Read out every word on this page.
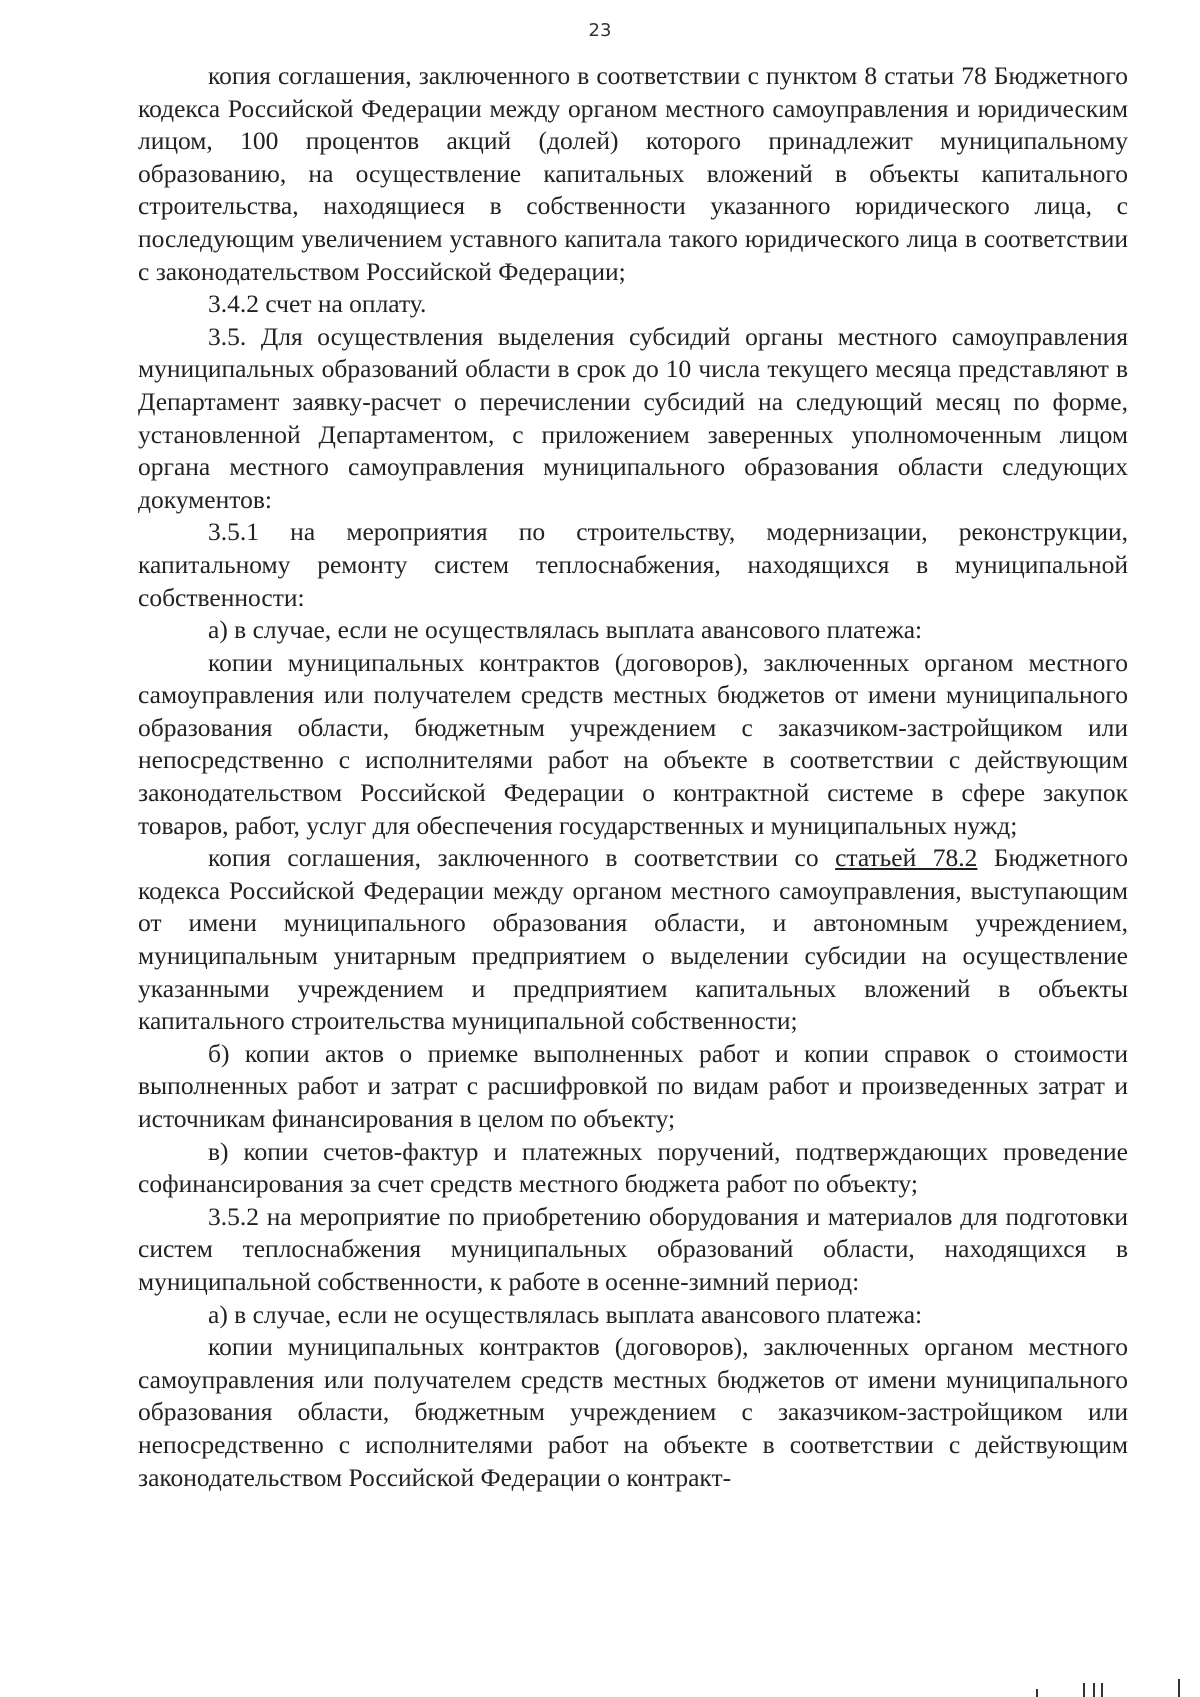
23

копия соглашения, заключенного в соответствии с пунктом 8 статьи 78 Бюджетного кодекса Российской Федерации между органом местного самоуправления и юридическим лицом, 100 процентов акций (долей) которого принадлежит муниципальному образованию, на осуществление капитальных вложений в объекты капитального строительства, находящиеся в собственности указанного юридического лица, с последующим увеличением уставного капитала такого юридического лица в соответствии с законодательством Российской Федерации;

3.4.2 счет на оплату.

3.5. Для осуществления выделения субсидий органы местного самоуправления муниципальных образований области в срок до 10 числа текущего месяца представляют в Департамент заявку-расчет о перечислении субсидий на следующий месяц по форме, установленной Департаментом, с приложением заверенных уполномоченным лицом органа местного самоуправления муниципального образования области следующих документов:

3.5.1 на мероприятия по строительству, модернизации, реконструкции, капитальному ремонту систем теплоснабжения, находящихся в муниципальной собственности:

а) в случае, если не осуществлялась выплата авансового платежа:

копии муниципальных контрактов (договоров), заключенных органом местного самоуправления или получателем средств местных бюджетов от имени муниципального образования области, бюджетным учреждением с заказчиком-застройщиком или непосредственно с исполнителями работ на объекте в соответствии с действующим законодательством Российской Федерации о контрактной системе в сфере закупок товаров, работ, услуг для обеспечения государственных и муниципальных нужд;

копия соглашения, заключенного в соответствии со статьей 78.2 Бюджетного кодекса Российской Федерации между органом местного самоуправления, выступающим от имени муниципального образования области, и автономным учреждением, муниципальным унитарным предприятием о выделении субсидии на осуществление указанными учреждением и предприятием капитальных вложений в объекты капитального строительства муниципальной собственности;

б) копии актов о приемке выполненных работ и копии справок о стоимости выполненных работ и затрат с расшифровкой по видам работ и произведенных затрат и источникам финансирования в целом по объекту;

в) копии счетов-фактур и платежных поручений, подтверждающих проведение софинансирования за счет средств местного бюджета работ по объекту;

3.5.2 на мероприятие по приобретению оборудования и материалов для подготовки систем теплоснабжения муниципальных образований области, находящихся в муниципальной собственности, к работе в осенне-зимний период:

а) в случае, если не осуществлялась выплата авансового платежа:

копии муниципальных контрактов (договоров), заключенных органом местного самоуправления или получателем средств местных бюджетов от имени муниципального образования области, бюджетным учреждением с заказчиком-застройщиком или непосредственно с исполнителями работ на объекте в соответствии с действующим законодательством Российской Федерации о контракт-
